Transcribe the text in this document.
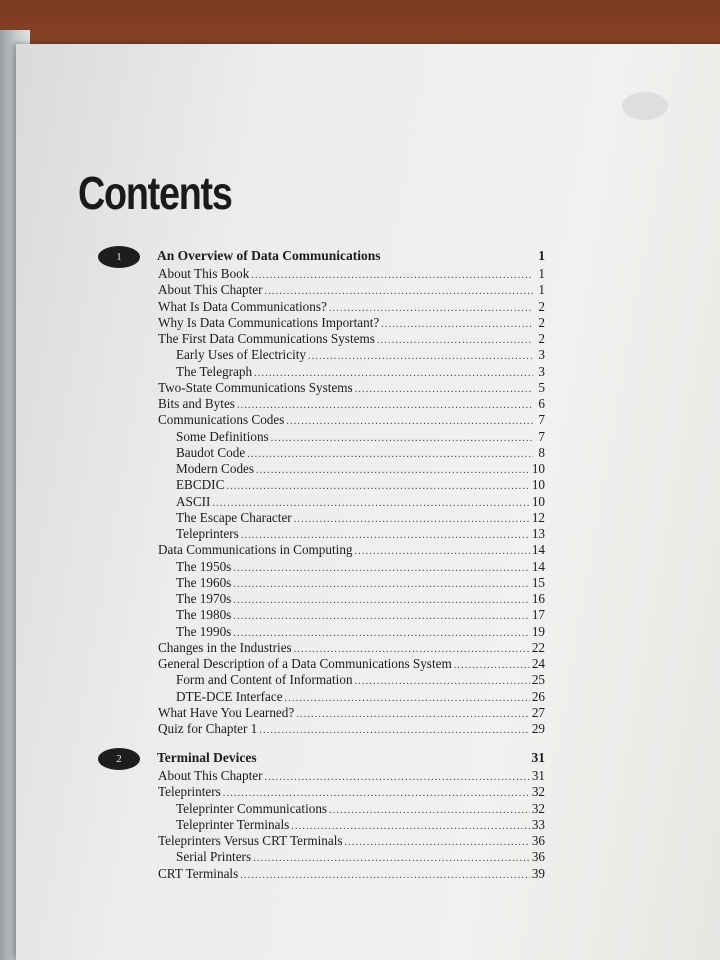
Contents
1	An Overview of Data Communications	1
About This Book .....	1
About This Chapter .....	1
What Is Data Communications? .....	2
Why Is Data Communications Important? .....	2
The First Data Communications Systems .....	2
Early Uses of Electricity .....	3
The Telegraph .....	3
Two-State Communications Systems .....	5
Bits and Bytes .....	6
Communications Codes .....	7
Some Definitions .....	7
Baudot Code .....	8
Modern Codes .....	10
EBCDIC .....	10
ASCII .....	10
The Escape Character .....	12
Teleprinters .....	13
Data Communications in Computing .....	14
The 1950s .....	14
The 1960s .....	15
The 1970s .....	16
The 1980s .....	17
The 1990s .....	19
Changes in the Industries .....	22
General Description of a Data Communications System .....	24
Form and Content of Information .....	25
DTE-DCE Interface .....	26
What Have You Learned? .....	27
Quiz for Chapter 1 .....	29
2	Terminal Devices	31
About This Chapter .....	31
Teleprinters .....	32
Teleprinter Communications .....	32
Teleprinter Terminals .....	33
Teleprinters Versus CRT Terminals .....	36
Serial Printers .....	36
CRT Terminals .....	39
